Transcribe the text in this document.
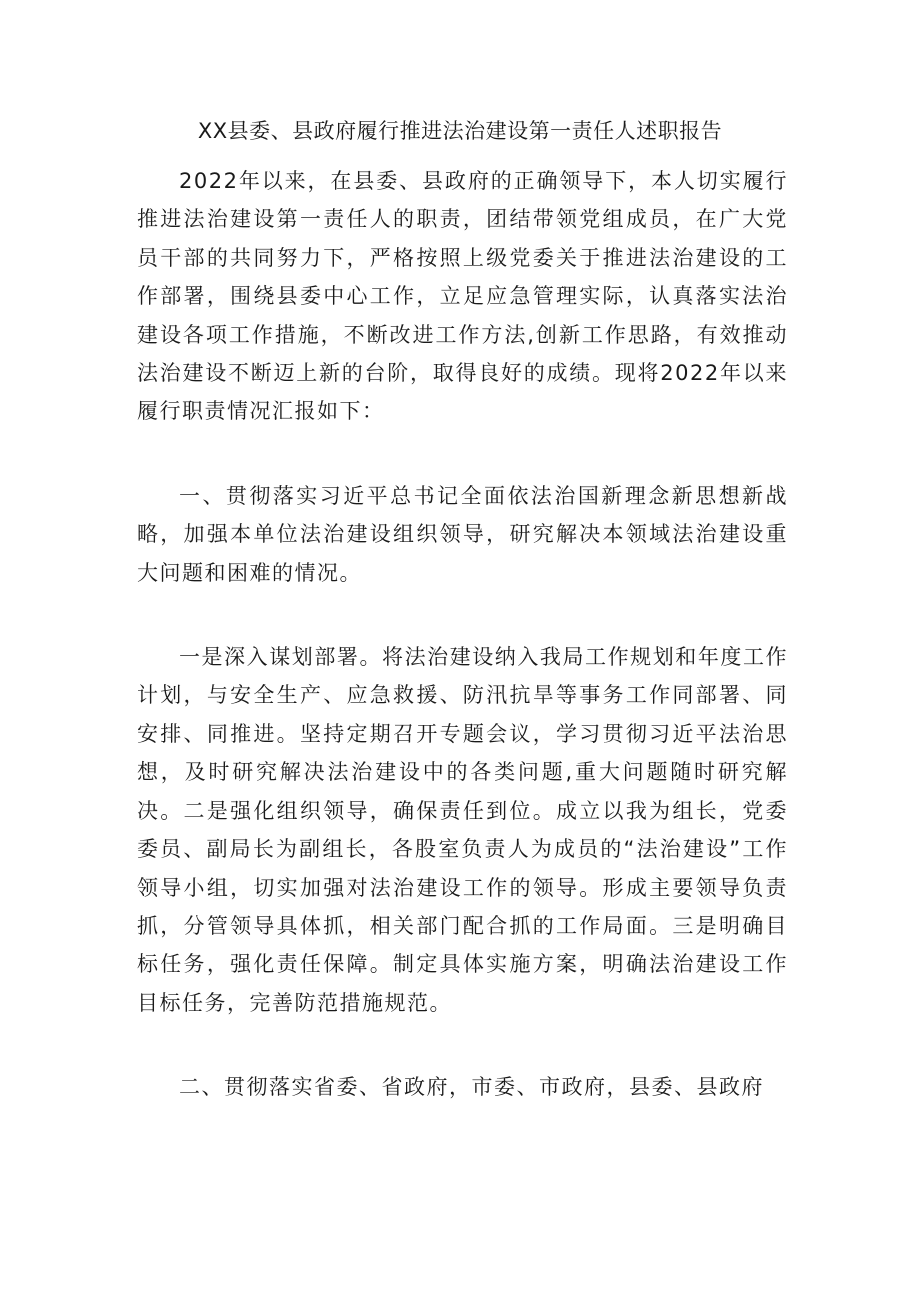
XX县委、县政府履行推进法治建设第一责任人述职报告

2022年以来，在县委、县政府的正确领导下，本人切实履行推进法治建设第一责任人的职责，团结带领党组成员，在广大党员干部的共同努力下，严格按照上级党委关于推进法治建设的工作部署，围绕县委中心工作，立足应急管理实际，认真落实法治建设各项工作措施，不断改进工作方法,创新工作思路，有效推动法治建设不断迈上新的台阶，取得良好的成绩。现将2022年以来履行职责情况汇报如下：

一、贯彻落实习近平总书记全面依法治国新理念新思想新战略，加强本单位法治建设组织领导，研究解决本领域法治建设重大问题和困难的情况。

一是深入谋划部署。将法治建设纳入我局工作规划和年度工作计划，与安全生产、应急救援、防汛抗旱等事务工作同部署、同安排、同推进。坚持定期召开专题会议，学习贯彻习近平法治思想，及时研究解决法治建设中的各类问题,重大问题随时研究解决。二是强化组织领导，确保责任到位。成立以我为组长，党委委员、副局长为副组长，各股室负责人为成员的“法治建设”工作领导小组，切实加强对法治建设工作的领导。形成主要领导负责抓，分管领导具体抓，相关部门配合抓的工作局面。三是明确目标任务，强化责任保障。制定具体实施方案，明确法治建设工作目标任务，完善防范措施规范。

二、贯彻落实省委、省政府，市委、市政府，县委、县政府
